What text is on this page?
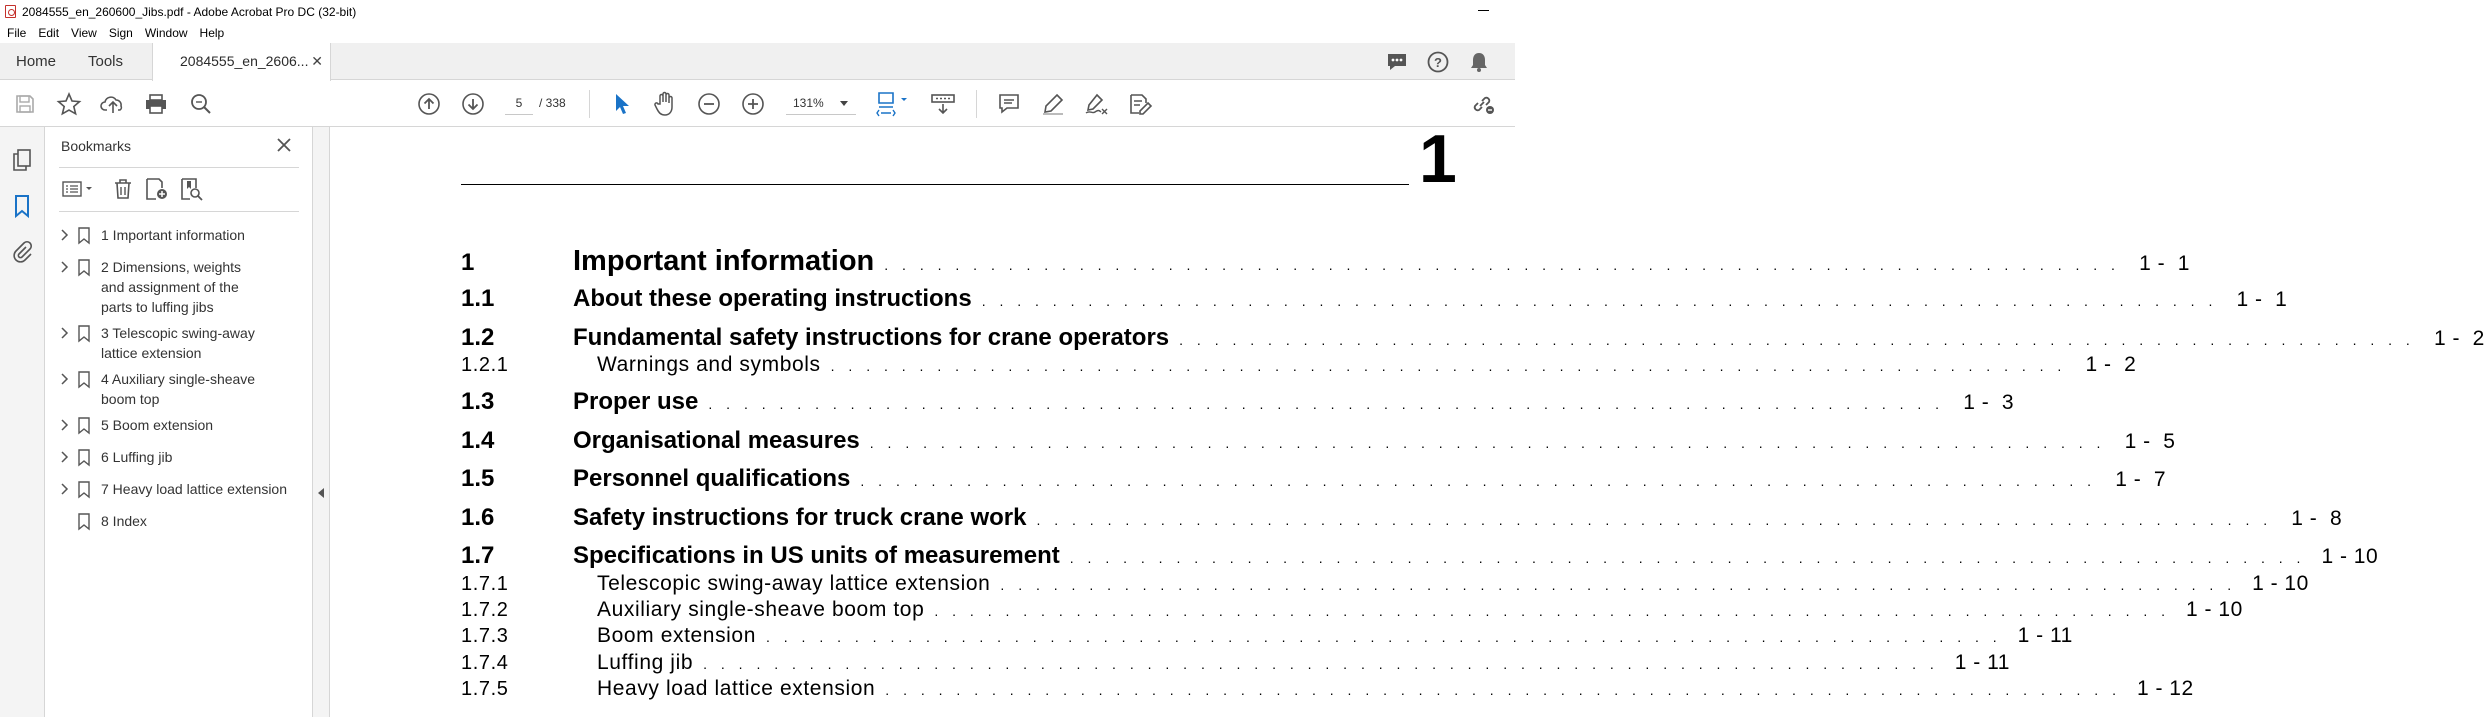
2084555_en_260600_Jibs.pdf - Adobe Acrobat Pro DC (32-bit)
File	Edit	View	Sign	Window	Help
Home Tools	2084555_en_2606... ✕	?
5	/ 338	131%
Bookmarks
1 Important information
2 Dimensions, weights and assignment of the parts to luffing jibs
3 Telescopic swing-away lattice extension
4 Auxiliary single-sheave boom top
5 Boom extension
6 Luffing jib
7 Heavy load lattice extension
8 Index
1
1	Important information . . . . . . . . . . . . . . . . . . . . . . . . . . . . . . . . . . . . . . . . . . . . . . . . . . . . . . . . . . . . . . . . . . . . . . 1 -  1
1.1	About these operating instructions . . . . . . . . . . . . . . . . . . . . . . . . . . . . . . . . . . . . . . . . . . . . . . . . . . . . . . . . . . . . . . . . . . . . . . 1 -  1
1.2	Fundamental safety instructions for crane operators . . . . . . . . . . . . . . . . . . . . . . . . . . . . . . . . . . . . . . . . . . . . . . . . . . . . . . . . . . . . . . . . . . . . . . 1 -  2
1.2.1	Warnings and symbols . . . . . . . . . . . . . . . . . . . . . . . . . . . . . . . . . . . . . . . . . . . . . . . . . . . . . . . . . . . . . . . . . . . . . . 1 -  2
1.3	Proper use . . . . . . . . . . . . . . . . . . . . . . . . . . . . . . . . . . . . . . . . . . . . . . . . . . . . . . . . . . . . . . . . . . . . . . 1 -  3
1.4	Organisational measures . . . . . . . . . . . . . . . . . . . . . . . . . . . . . . . . . . . . . . . . . . . . . . . . . . . . . . . . . . . . . . . . . . . . . . 1 -  5
1.5	Personnel qualifications . . . . . . . . . . . . . . . . . . . . . . . . . . . . . . . . . . . . . . . . . . . . . . . . . . . . . . . . . . . . . . . . . . . . . . 1 -  7
1.6	Safety instructions for truck crane work . . . . . . . . . . . . . . . . . . . . . . . . . . . . . . . . . . . . . . . . . . . . . . . . . . . . . . . . . . . . . . . . . . . . . . 1 -  8
1.7	Specifications in US units of measurement . . . . . . . . . . . . . . . . . . . . . . . . . . . . . . . . . . . . . . . . . . . . . . . . . . . . . . . . . . . . . . . . . . . . . . 1 - 10
1.7.1	Telescopic swing-away lattice extension . . . . . . . . . . . . . . . . . . . . . . . . . . . . . . . . . . . . . . . . . . . . . . . . . . . . . . . . . . . . . . . . . . . . . . 1 - 10
1.7.2	Auxiliary single-sheave boom top . . . . . . . . . . . . . . . . . . . . . . . . . . . . . . . . . . . . . . . . . . . . . . . . . . . . . . . . . . . . . . . . . . . . . . 1 - 10
1.7.3	Boom extension . . . . . . . . . . . . . . . . . . . . . . . . . . . . . . . . . . . . . . . . . . . . . . . . . . . . . . . . . . . . . . . . . . . . . . 1 - 11
1.7.4	Luffing jib . . . . . . . . . . . . . . . . . . . . . . . . . . . . . . . . . . . . . . . . . . . . . . . . . . . . . . . . . . . . . . . . . . . . . . 1 - 11
1.7.5	Heavy load lattice extension . . . . . . . . . . . . . . . . . . . . . . . . . . . . . . . . . . . . . . . . . . . . . . . . . . . . . . . . . . . . . . . . . . . . . . 1 - 12
